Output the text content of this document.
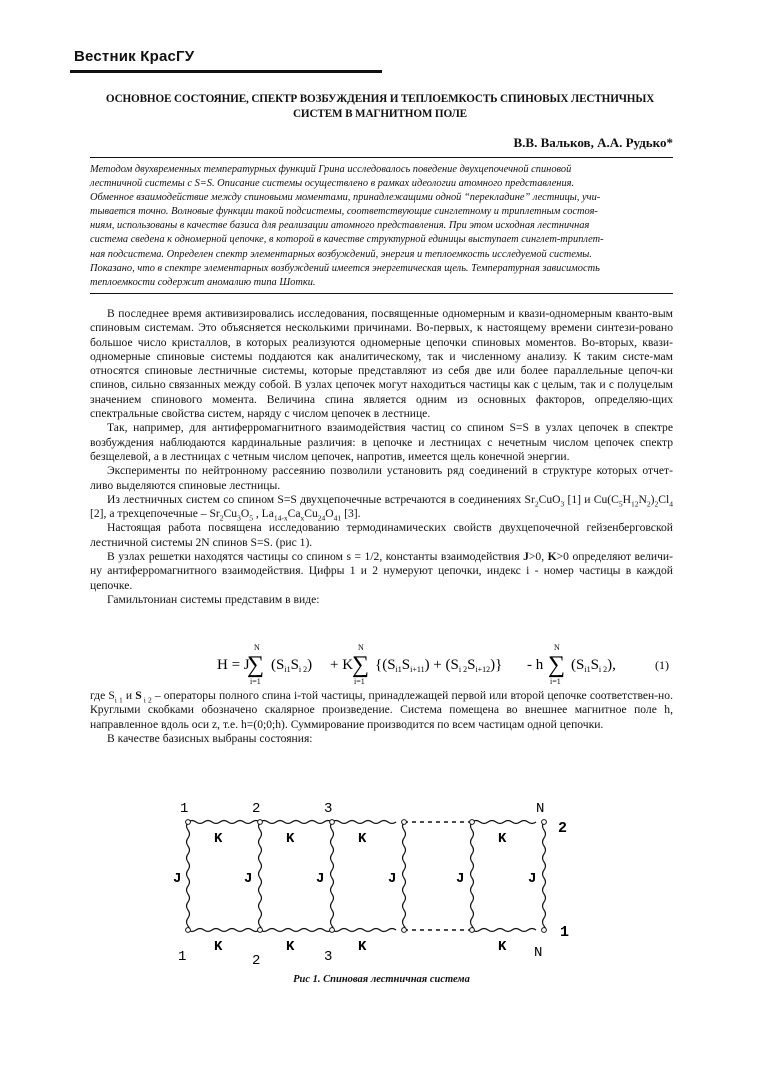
Вестник КрасГУ
ОСНОВНОЕ СОСТОЯНИЕ, СПЕКТР ВОЗБУЖДЕНИЯ И ТЕПЛОЕМКОСТЬ СПИНОВЫХ ЛЕСТНИЧНЫХ
СИСТЕМ В МАГНИТНОМ ПОЛЕ
В.В. Вальков, А.А. Рудько*
Методом двухвременных температурных функций Грина исследовалось поведение двухцепочечной спиновой
лестничной системы с S=S. Описание системы осуществлено в рамках идеологии атомного представления.
Обменное взаимодействие между спиновыми моментами, принадлежащими одной “перекладине” лестницы, учи-
тывается точно. Волновые функции такой подсистемы, соответствующие синглетному и триплетным состоя-
ниям, использованы в качестве базиса для реализации атомного представления. При этом исходная лестничная
система сведена к одномерной цепочке, в которой в качестве структурной единицы выступает синглет-триплет-
ная подсистема. Определен спектр элементарных возбуждений, энергия и теплоемкость исследуемой системы.
Показано, что в спектре элементарных возбуждений имеется энергетическая щель. Температурная зависимость
теплоемкости содержит аномалию типа Шотки.

В последнее время активизировались исследования, посвященные одномерным и квази-одномерным кванто-вым спиновым системам. Это объясняется несколькими причинами. Во-первых, к настоящему времени синтези-ровано большое число кристаллов, в которых реализуются одномерные цепочки спиновых моментов. Во-вторых, квази-одномерные спиновые системы поддаются как аналитическому, так и численному анализу. К таким систе-мам относятся спиновые лестничные системы, которые представляют из себя две или более параллельные цепоч-ки спинов, сильно связанных между собой. В узлах цепочек могут находиться частицы как с целым, так и с полуцелым значением спинового момента. Величина спина является одним из основных факторов, определяю-щих спектральные свойства систем, наряду с числом цепочек в лестнице.

Так, например, для антиферромагнитного взаимодействия частиц со спином S=S в узлах цепочек в спектре возбуждения наблюдаются кардинальные различия: в цепочке и лестницах с нечетным числом цепочек спектр безщелевой, а в лестницах с четным числом цепочек, напротив, имеется щель конечной энергии.

Эксперименты по нейтронному рассеянию позволили установить ряд соединений в структуре которых отчет-ливо выделяются спиновые лестницы.

Из лестничных систем со спином S=S двухцепочечные встречаются в соединениях $Sr_2CuO_3$ [1] и $Cu(C_5H_{12}N_2)_2Cl_4$ [2], а трехцепочечные – $Sr_2Cu_3O_5$ , $La_{14-x}Ca_xCu_{24}O_{41}$ [3].

Настоящая работа посвящена исследованию термодинамических свойств двухцепочечной гейзенберговской лестничной системы 2N спинов S=S. (рис 1).

В узлах решетки находятся частицы со спином s = 1/2, константы взаимодействия J>0, K>0 определяют величи-ну антиферромагнитного взаимодействия. Цифры 1 и 2 нумеруют цепочки, индекс i - номер частицы в каждой цепочке.

Гамильтониан системы представим в виде:

H = J
N
∑
i=1
$(S_{i1}S_{i 2}) + K$
N
∑
i=1
$\{(S_{i1}S_{i+11}) + (S_{i 2}S_{i+12})\} - h$
N
∑
i=1
$(S_{i1}S_{i 2})$,	(1)

где $S_{i 1}$ и S $_{i 2}$ – операторы полного спина i-той частицы, принадлежащей первой или второй цепочке соответствен-но. Круглыми скобками обозначено скалярное произведение. Система помещена во внешнее магнитное поле h, направленное вдоль оси z, т.е. h=(0;0;h). Суммирование производится по всем частицам одной цепочки.

В качестве базисных выбраны состояния:

1	2	3	N
K	K	K	K
K	K	K	K
J	J	J	J	J	J
2
1
1	2	3	N
Рис 1. Спиновая лестничная система
